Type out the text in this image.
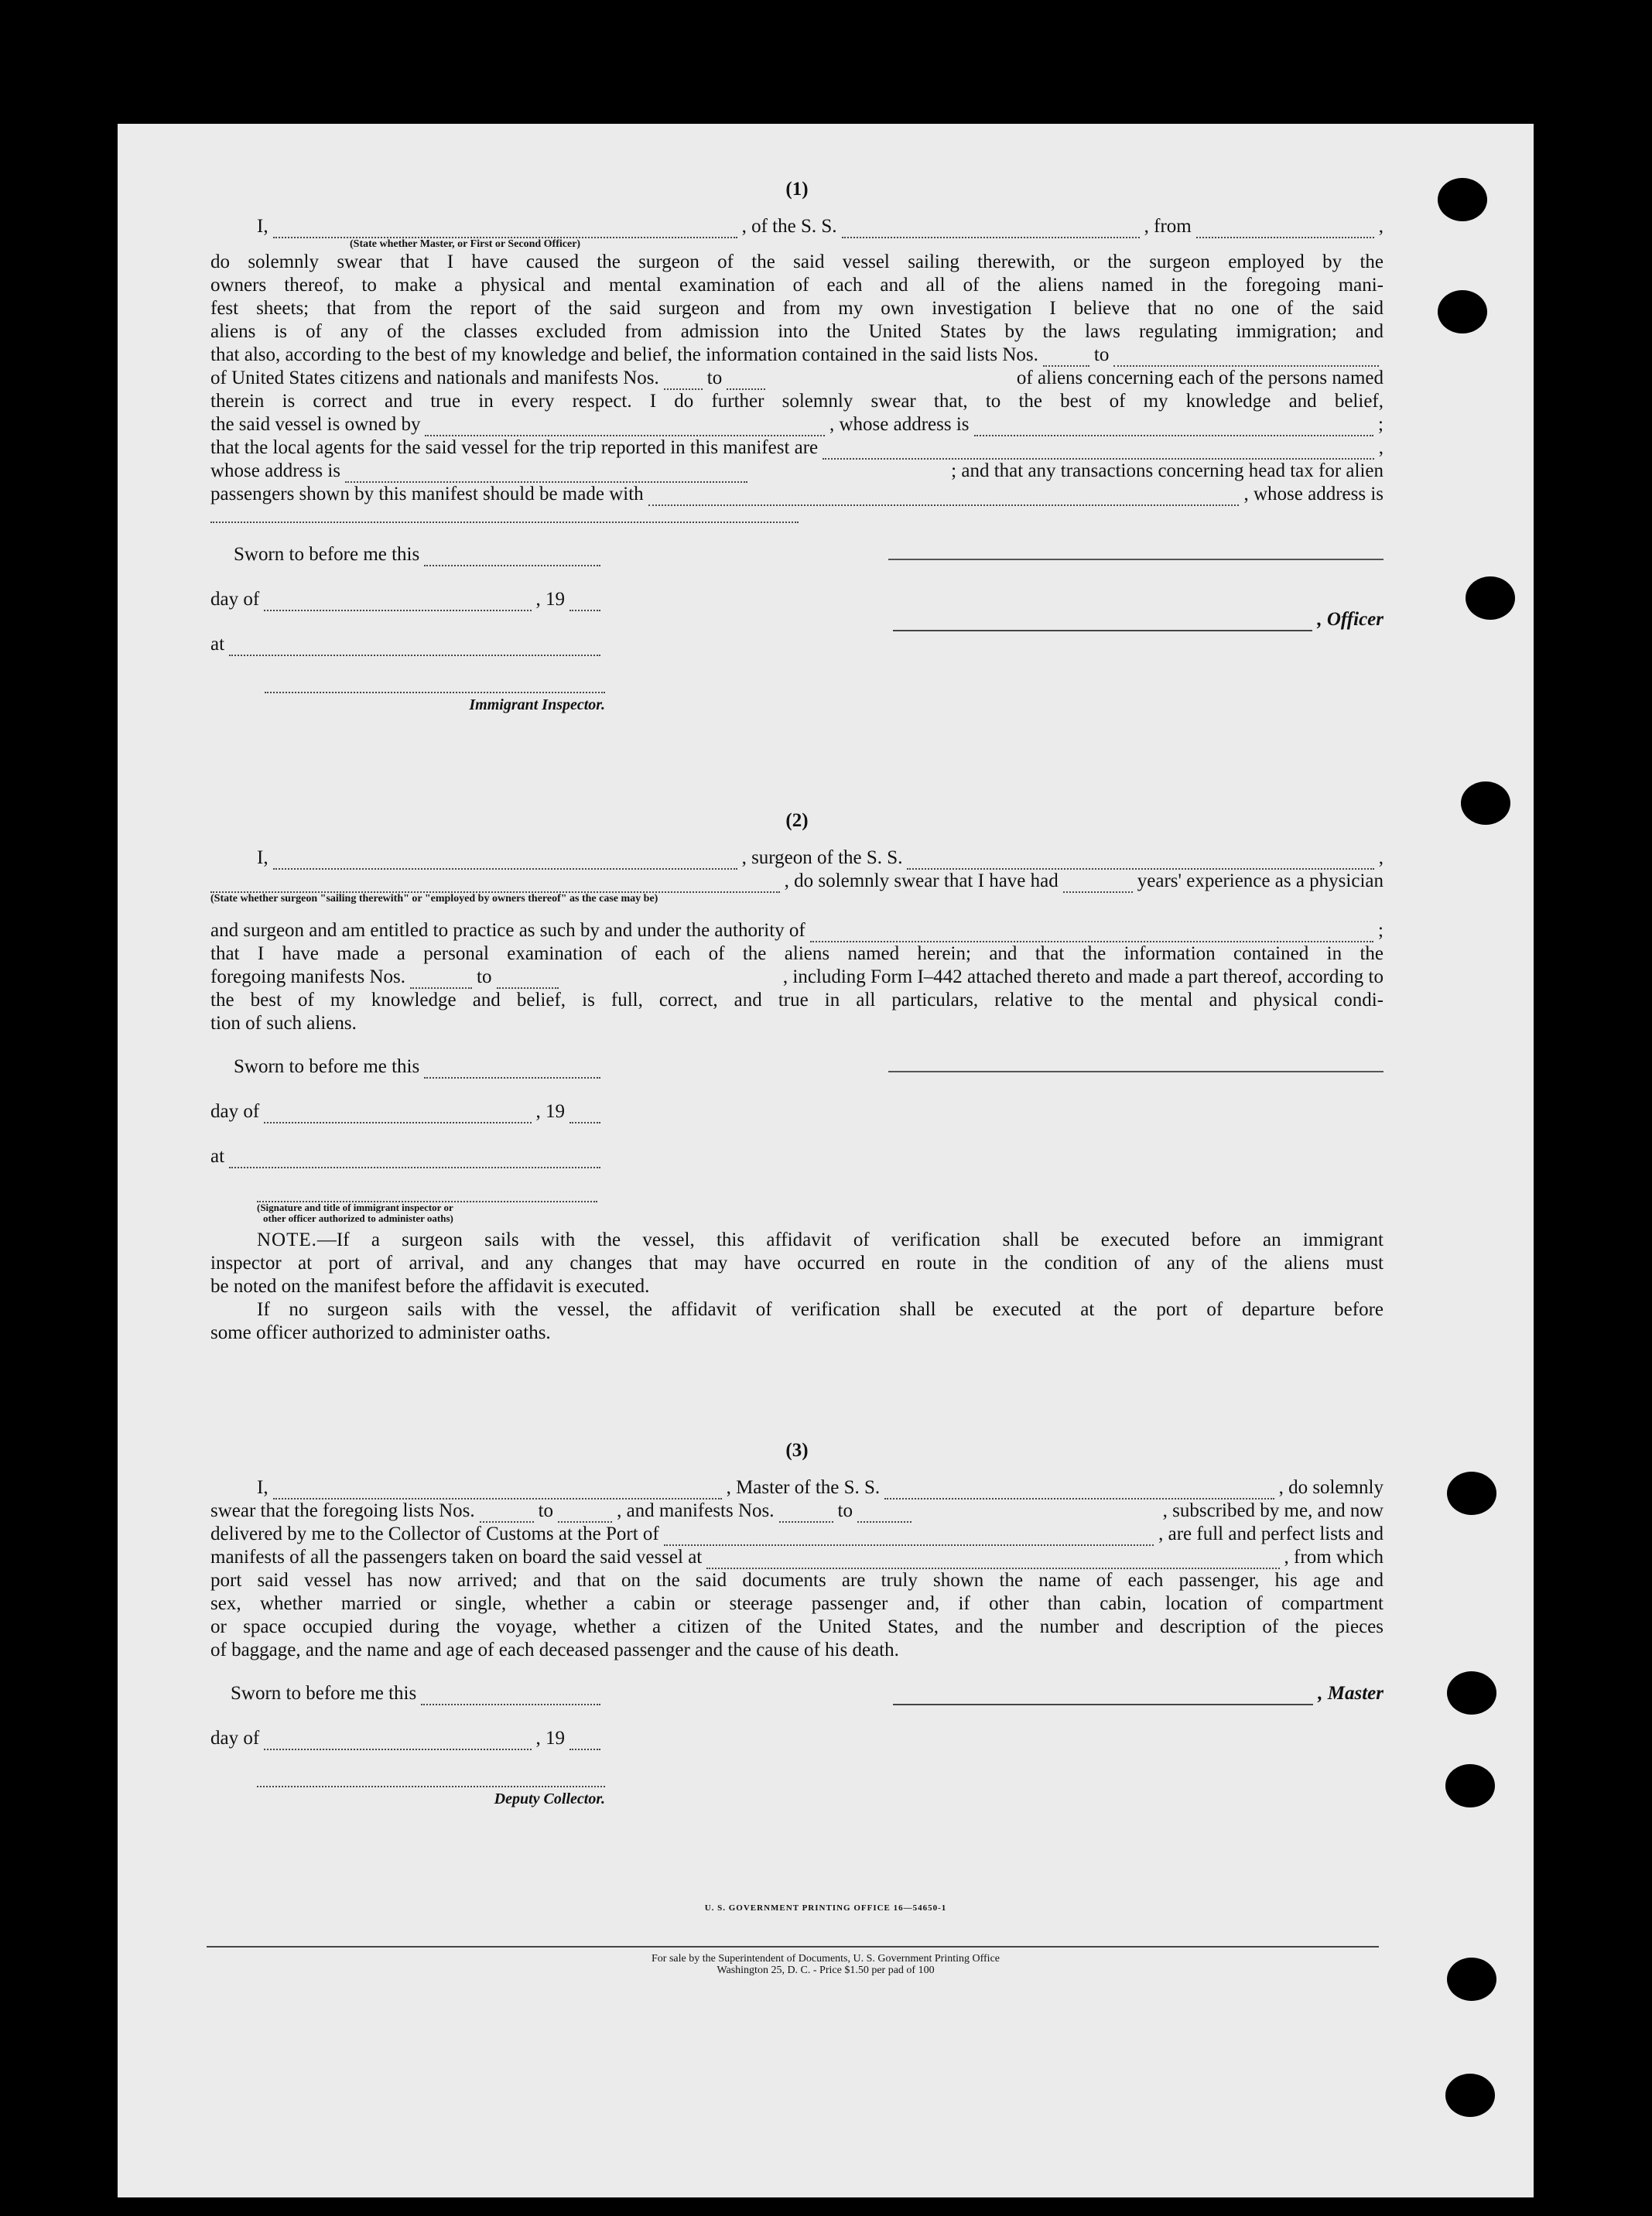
(1)
I,	, of the S. S.	, from	,
(State whether Master, or First or Second Officer)
do solemnly swear that I have caused the surgeon of the said vessel sailing therewith, or the surgeon employed by the
owners thereof, to make a physical and mental examination of each and all of the aliens named in the foregoing mani-
fest sheets; that from the report of the said surgeon and from my own investigation I believe that no one of the said
aliens is of any of the classes excluded from admission into the United States by the laws regulating immigration; and
that also, according to the best of my knowledge and belief, the information contained in the said lists Nos.	to
of United States citizens and nationals and manifests Nos. to	of aliens concerning each of the persons named
therein is correct and true in every respect. I do further solemnly swear that, to the best of my knowledge and belief,
the said vessel is owned by	, whose address is	;
that the local agents for the said vessel for the trip reported in this manifest are	,
whose address is	; and that any transactions concerning head tax for alien
passengers shown by this manifest should be made with	, whose address is
Sworn to before me this
day of	, 19
at
Immigrant Inspector.
, Officer
(2)
I,	, surgeon of the S. S.	,
, do solemnly swear that I have had	years' experience as a physician
(State whether surgeon "sailing therewith" or "employed by owners thereof" as the case may be)
and surgeon and am entitled to practice as such by and under the authority of	;
that I have made a personal examination of each of the aliens named herein; and that the information contained in the
foregoing manifests Nos.	to	, including Form I–442 attached thereto and made a part thereof, according to
the best of my knowledge and belief, is full, correct, and true in all particulars, relative to the mental and physical condi-
tion of such aliens.
Sworn to before me this
day of	, 19
at
(Signature and title of immigrant inspector or
other officer authorized to administer oaths)
NOTE. —If a surgeon sails with the vessel, this affidavit of verification shall be executed before an immigrant
inspector at port of arrival, and any changes that may have occurred en route in the condition of any of the aliens must
be noted on the manifest before the affidavit is executed.
If no surgeon sails with the vessel, the affidavit of verification shall be executed at the port of departure before
some officer authorized to administer oaths.
(3)
I,	, Master of the S. S.	, do solemnly
swear that the foregoing lists Nos.	to	, and manifests Nos.	to	, subscribed by me, and now
delivered by me to the Collector of Customs at the Port of	, are full and perfect lists and
manifests of all the passengers taken on board the said vessel at	, from which
port said vessel has now arrived; and that on the said documents are truly shown the name of each passenger, his age and
sex, whether married or single, whether a cabin or steerage passenger and, if other than cabin, location of compartment
or space occupied during the voyage, whether a citizen of the United States, and the number and description of the pieces
of baggage, and the name and age of each deceased passenger and the cause of his death.
Sworn to before me this
day of	, 19
Deputy Collector.
, Master
U. S. GOVERNMENT PRINTING OFFICE 16—54650-1
For sale by the Superintendent of Documents, U. S. Government Printing Office
Washington 25, D. C. - Price $1.50 per pad of 100
